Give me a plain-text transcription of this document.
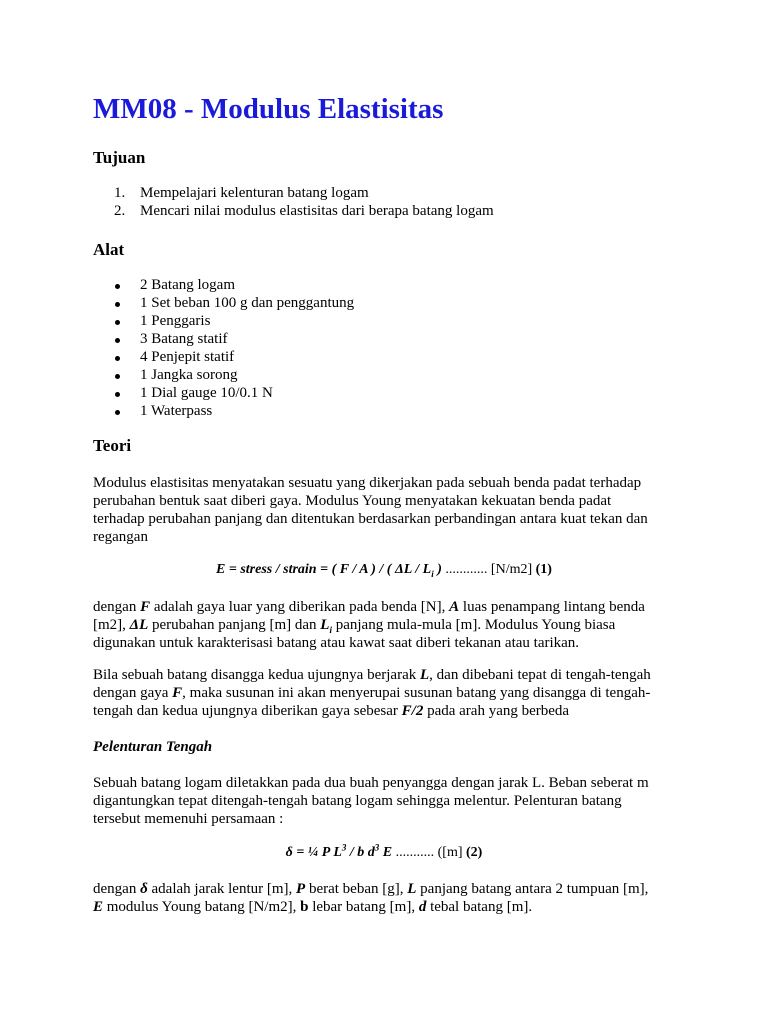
MM08 - Modulus Elastisitas
Tujuan
1. Mempelajari kelenturan batang logam
2. Mencari nilai modulus elastisitas dari berapa batang logam
Alat
2 Batang logam
1 Set beban 100 g dan penggantung
1 Penggaris
3 Batang statif
4 Penjepit statif
1 Jangka sorong
1 Dial gauge 10/0.1 N
1 Waterpass
Teori
Modulus elastisitas menyatakan sesuatu yang dikerjakan pada sebuah benda padat terhadap
perubahan bentuk saat diberi gaya. Modulus Young menyatakan kekuatan benda padat
terhadap perubahan panjang dan ditentukan berdasarkan perbandingan antara kuat tekan dan
regangan
E = stress / strain = ( F / A ) / ( ΔL / $L_i$ ) ............ [N/m2] (1)
dengan F adalah gaya luar yang diberikan pada benda [N], A luas penampang lintang benda
[m2], ΔL perubahan panjang [m] dan $L_i$ panjang mula-mula [m]. Modulus Young biasa
digunakan untuk karakterisasi batang atau kawat saat diberi tekanan atau tarikan.
Bila sebuah batang disangga kedua ujungnya berjarak L, dan dibebani tepat di tengah-tengah
dengan gaya F, maka susunan ini akan menyerupai susunan batang yang disangga di tengah-
tengah dan kedua ujungnya diberikan gaya sebesar F/2 pada arah yang berbeda
Pelenturan Tengah
Sebuah batang logam diletakkan pada dua buah penyangga dengan jarak L. Beban seberat m
digantungkan tepat ditengah-tengah batang logam sehingga melentur. Pelenturan batang
tersebut memenuhi persamaan :
δ = ¼ P $L^3$ / b $d^3$ E ........... ([m] (2)
dengan δ adalah jarak lentur [m], P berat beban [g], L panjang batang antara 2 tumpuan [m],
E modulus Young batang [N/m2], b lebar batang [m], d tebal batang [m].
